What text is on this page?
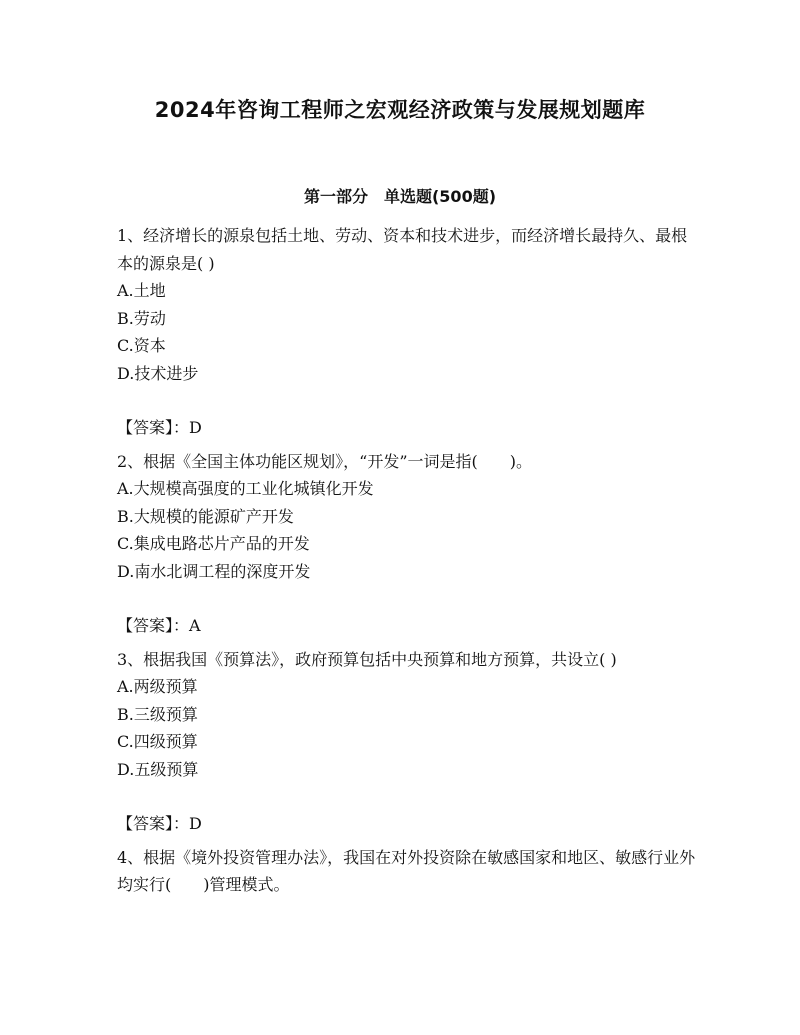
2024年咨询工程师之宏观经济政策与发展规划题库
第一部分　单选题(500题)

1、经济增长的源泉包括土地、劳动、资本和技术进步，而经济增长最持久、最根本的源泉是( )

A.土地

B.劳动

C.资本

D.技术进步

【答案】：D

2、根据《全国主体功能区规划》，“开发”一词是指(　　)。

A.大规模高强度的工业化城镇化开发

B.大规模的能源矿产开发

C.集成电路芯片产品的开发

D.南水北调工程的深度开发

【答案】：A

3、根据我国《预算法》，政府预算包括中央预算和地方预算，共设立( )

A.两级预算

B.三级预算

C.四级预算

D.五级预算

【答案】：D

4、根据《境外投资管理办法》，我国在对外投资除在敏感国家和地区、敏感行业外均实行(　　)管理模式。
